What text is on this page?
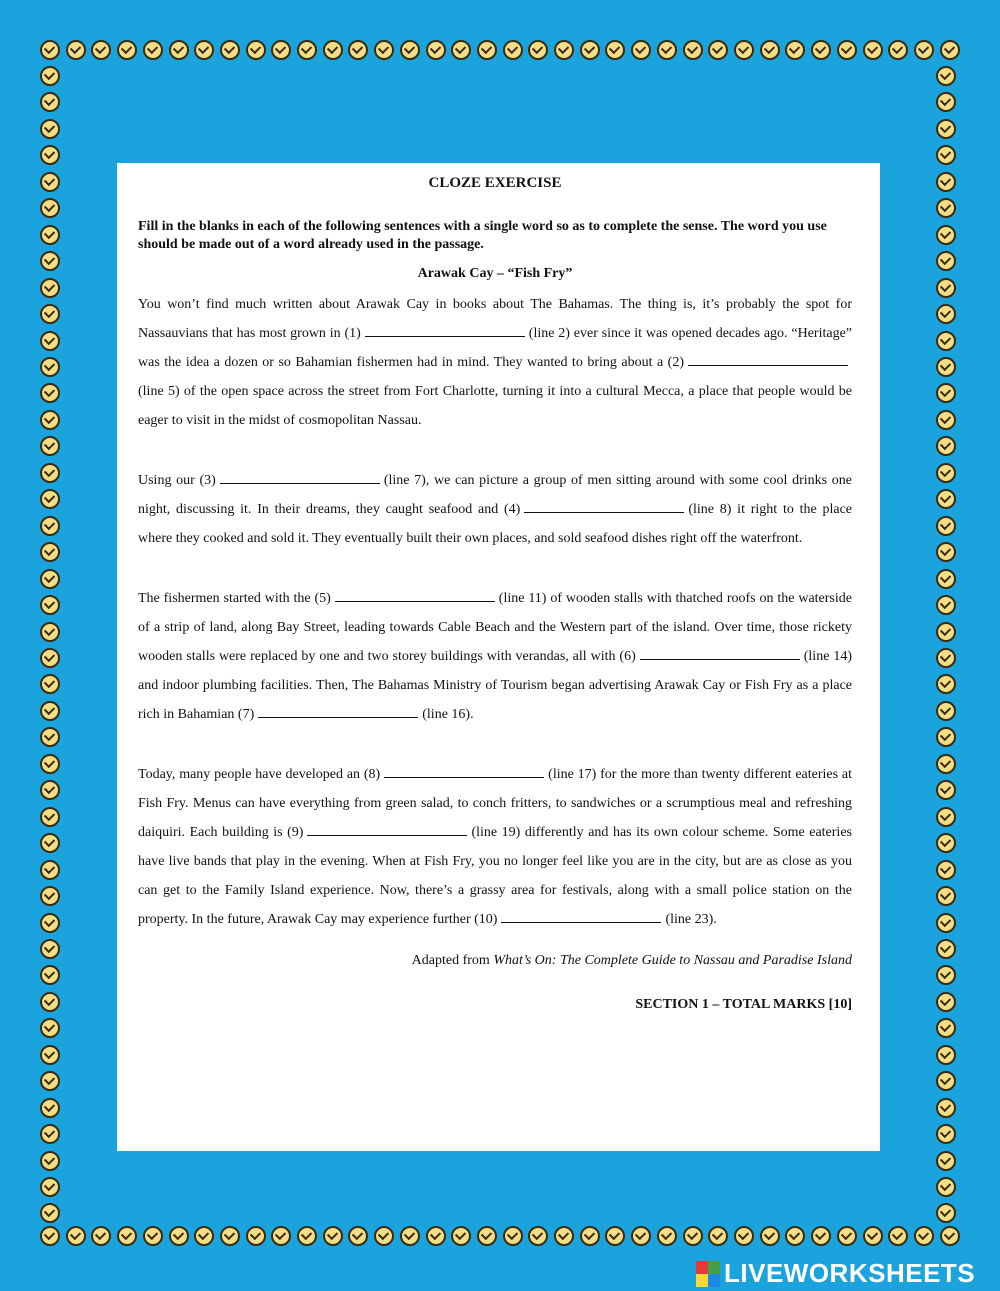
CLOZE EXERCISE
Fill in the blanks in each of the following sentences with a single word so as to complete the sense. The word you use should be made out of a word already used in the passage.
Arawak Cay – “Fish Fry”
You won’t find much written about Arawak Cay in books about The Bahamas. The thing is, it’s probably the spot for Nassauvians that has most grown in (1)	(line 2) ever since it was opened decades ago. “Heritage” was the idea a dozen or so Bahamian fishermen had in mind. They wanted to bring about a (2)(line 5) of the open space across the street from Fort Charlotte, turning it into a cultural Mecca, a place that people would be eager to visit in the midst of cosmopolitan Nassau.
Using our (3)	(line 7), we can picture a group of men sitting around with some cool drinks one night, discussing it. In their dreams, they caught seafood and (4)	(line 8) it right to the place where they cooked and sold it. They eventually built their own places, and sold seafood dishes right off the waterfront.
The fishermen started with the (5)	(line 11) of wooden stalls with thatched roofs on the waterside of a strip of land, along Bay Street, leading towards Cable Beach and the Western part of the island. Over time, those rickety wooden stalls were replaced by one and two storey buildings with verandas, all with (6)	(line 14) and indoor plumbing facilities. Then, The Bahamas Ministry of Tourism began advertising Arawak Cay or Fish Fry as a place rich in Bahamian (7)	(line 16).
Today, many people have developed an (8)	(line 17) for the more than twenty different eateries at Fish Fry. Menus can have everything from green salad, to conch fritters, to sandwiches or a scrumptious meal and refreshing daiquiri. Each building is (9)	(line 19) differently and has its own colour scheme. Some eateries have live bands that play in the evening. When at Fish Fry, you no longer feel like you are in the city, but are as close as you can get to the Family Island experience. Now, there’s a grassy area for festivals, along with a small police station on the property. In the future, Arawak Cay may experience further (10)	(line 23).
Adapted from What’s On: The Complete Guide to Nassau and Paradise Island
SECTION 1 – TOTAL MARKS [10]
LIVEWORKSHEETS
